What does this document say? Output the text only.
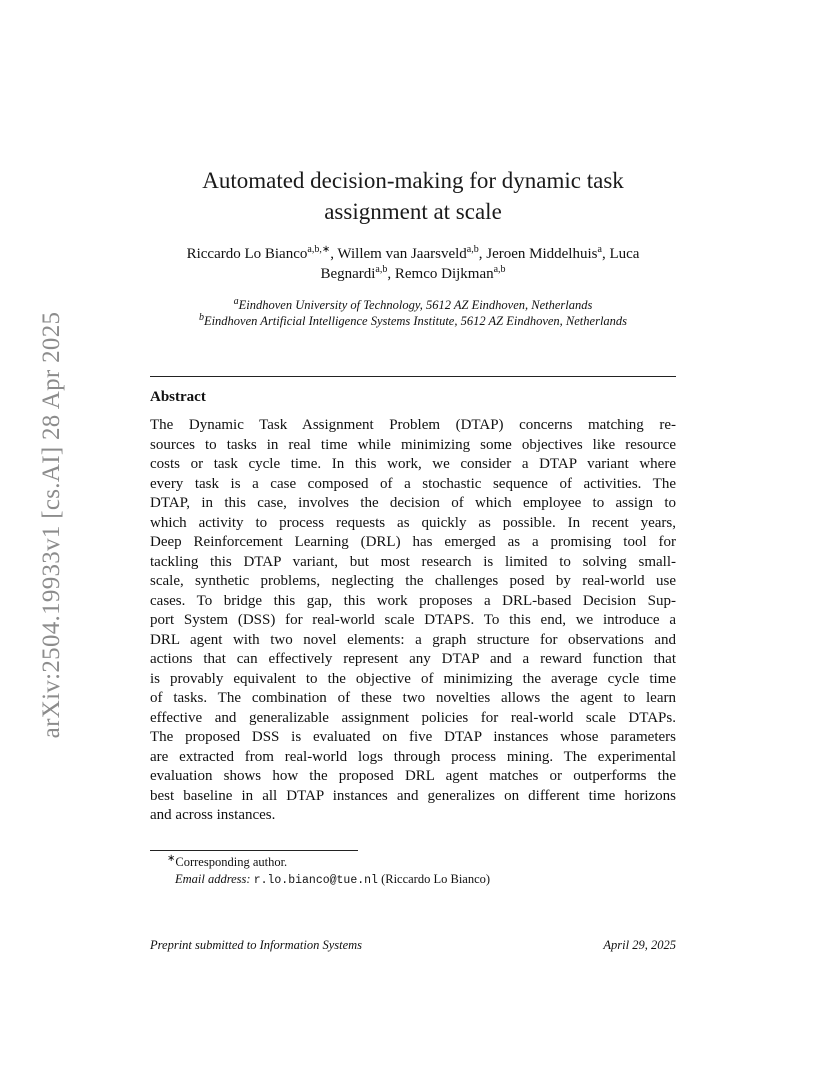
arXiv:2504.19933v1 [cs.AI] 28 Apr 2025
Automated decision-making for dynamic task
assignment at scale
Riccardo Lo Bianco$^{a,b,∗}$, Willem van Jaarsveld$^{a,b}$, Jeroen Middelhuis$^a$, Luca
Begnardi$^{a,b}$, Remco Dijkman$^{a,b}$
$^a$Eindhoven University of Technology, 5612 AZ Eindhoven, Netherlands
$^b$Eindhoven Artificial Intelligence Systems Institute, 5612 AZ Eindhoven, Netherlands
Abstract
The Dynamic Task Assignment Problem (DTAP) concerns matching re-
sources to tasks in real time while minimizing some objectives like resource
costs or task cycle time. In this work, we consider a DTAP variant where
every task is a case composed of a stochastic sequence of activities. The
DTAP, in this case, involves the decision of which employee to assign to
which activity to process requests as quickly as possible. In recent years,
Deep Reinforcement Learning (DRL) has emerged as a promising tool for
tackling this DTAP variant, but most research is limited to solving small-
scale, synthetic problems, neglecting the challenges posed by real-world use
cases. To bridge this gap, this work proposes a DRL-based Decision Sup-
port System (DSS) for real-world scale DTAPS. To this end, we introduce a
DRL agent with two novel elements: a graph structure for observations and
actions that can effectively represent any DTAP and a reward function that
is provably equivalent to the objective of minimizing the average cycle time
of tasks. The combination of these two novelties allows the agent to learn
effective and generalizable assignment policies for real-world scale DTAPs.
The proposed DSS is evaluated on five DTAP instances whose parameters
are extracted from real-world logs through process mining. The experimental
evaluation shows how the proposed DRL agent matches or outperforms the
best baseline in all DTAP instances and generalizes on different time horizons
and across instances.
∗Corresponding author.
Email address: r.lo.bianco@tue.nl (Riccardo Lo Bianco)
Preprint submitted to Information Systems	April 29, 2025
